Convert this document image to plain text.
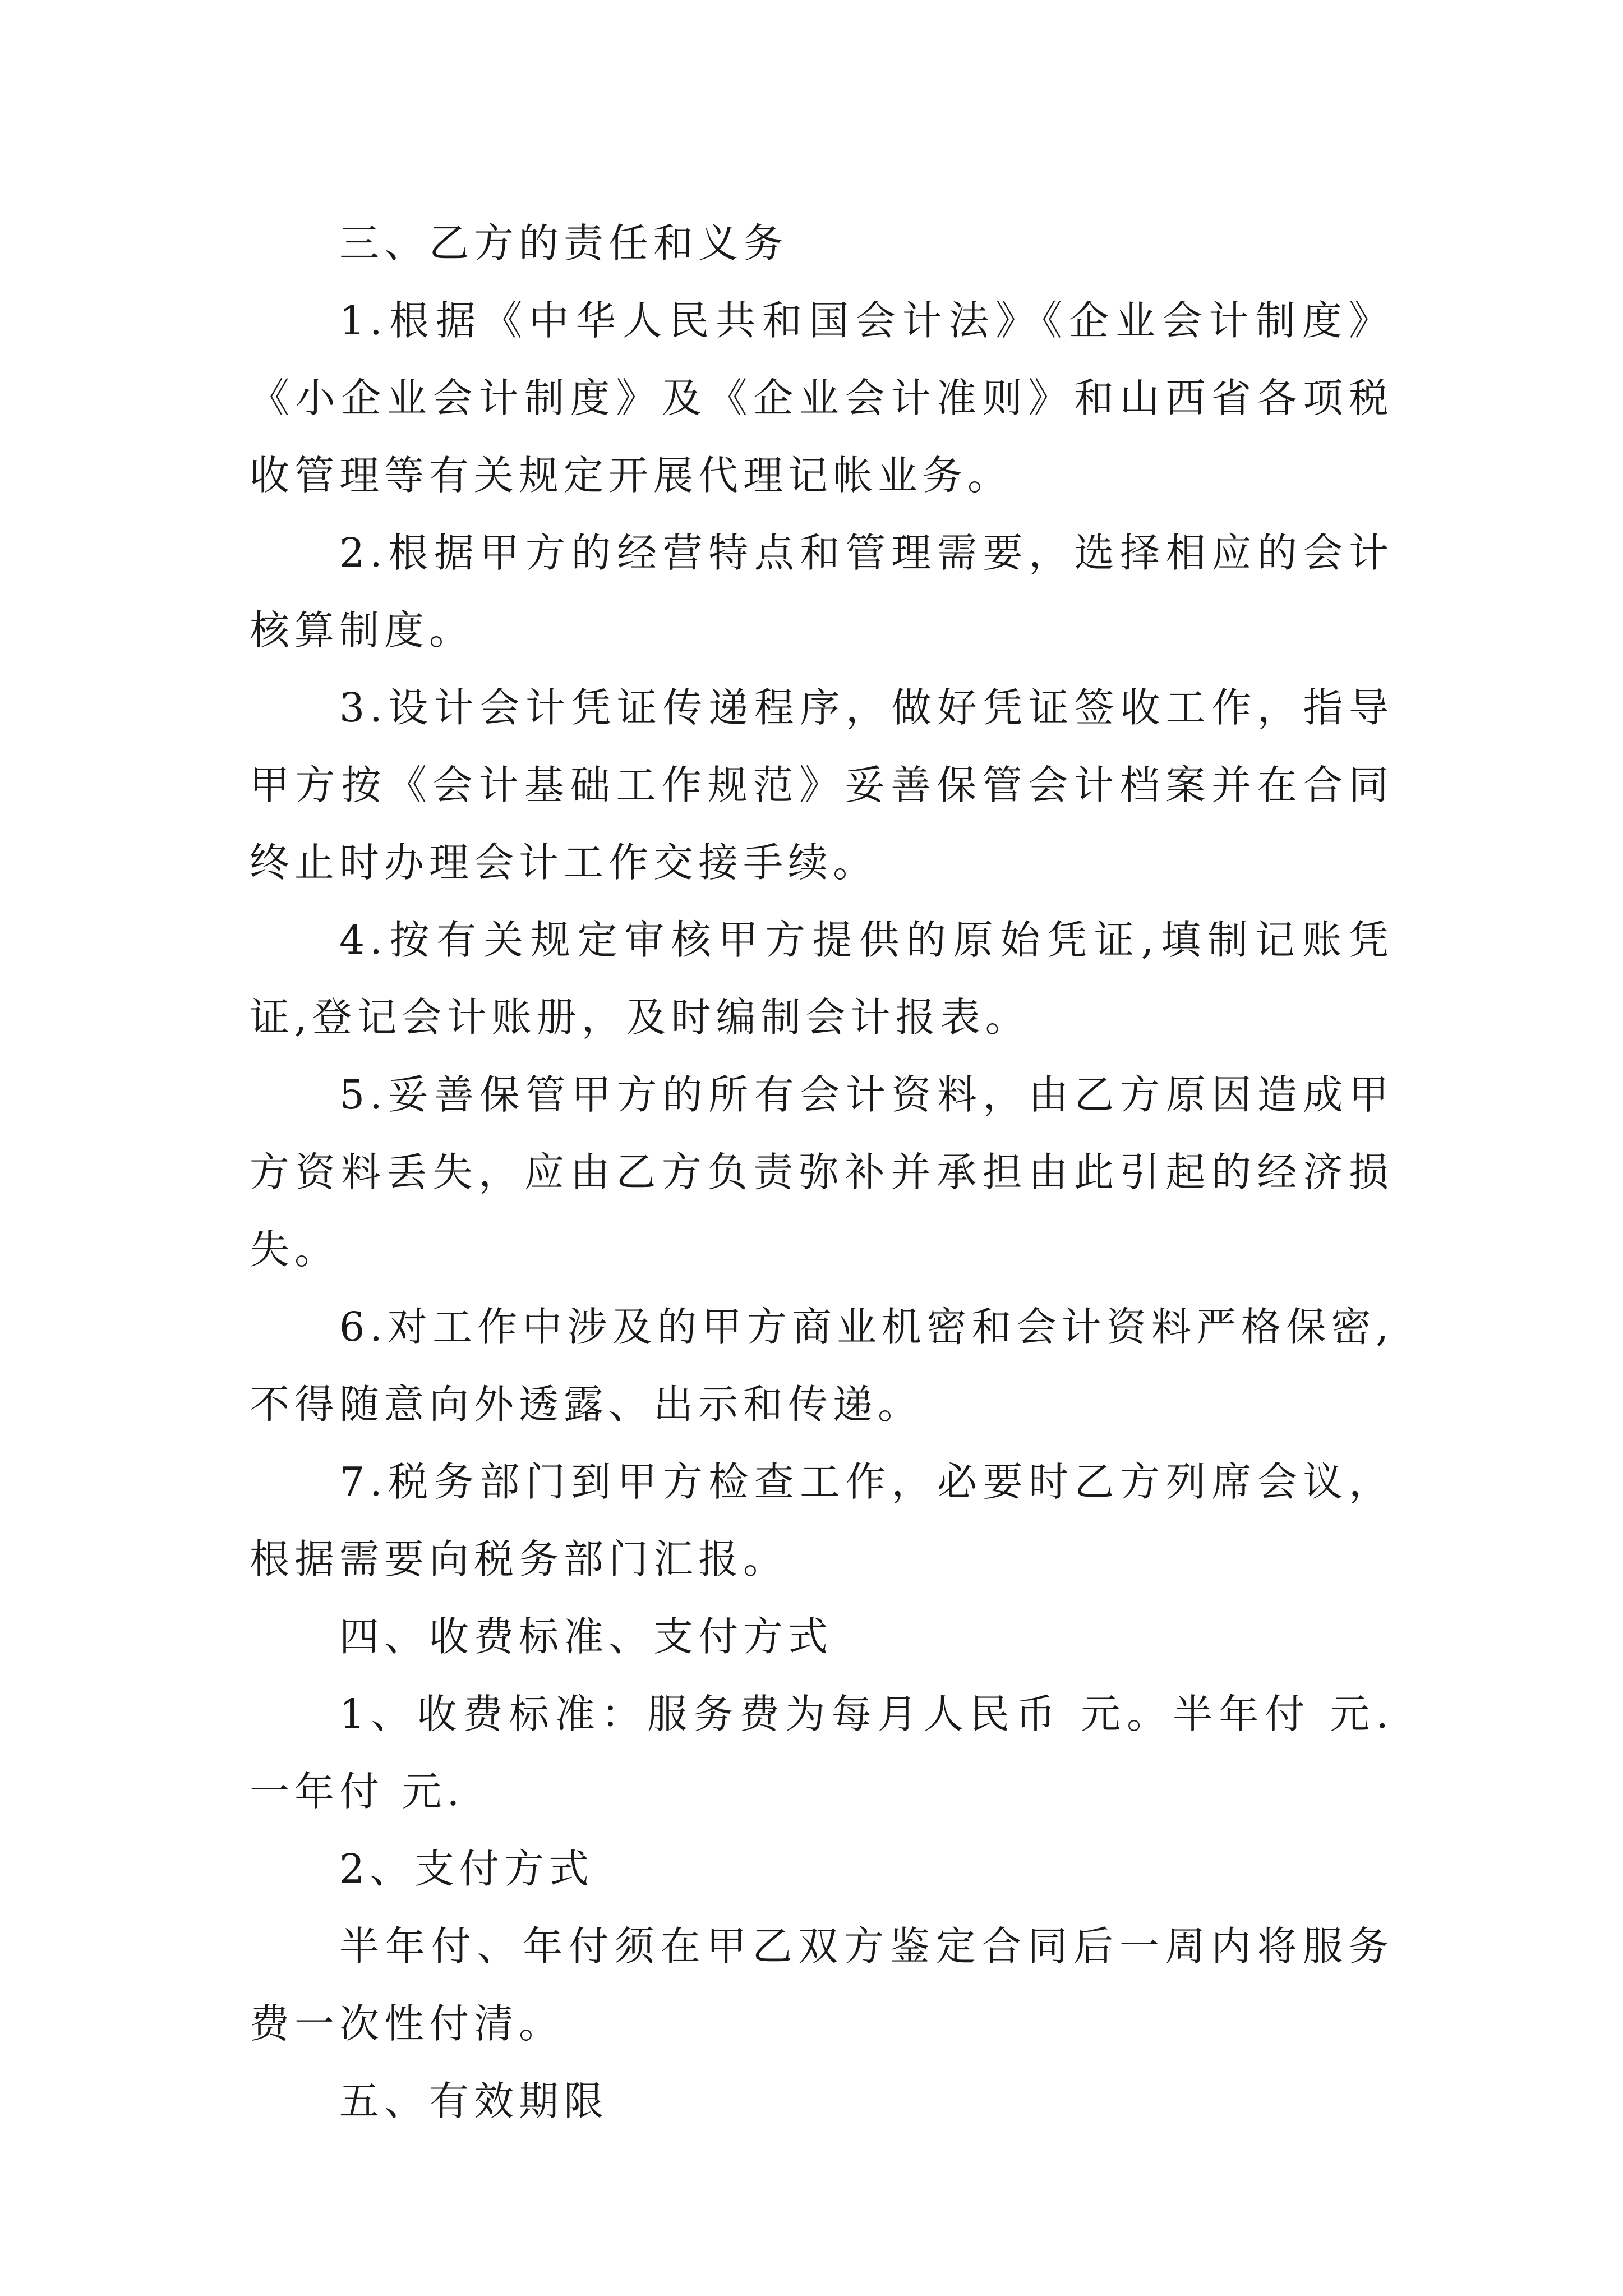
三、乙方的责任和义务

1.根据《中华人民共和国会计法》《企业会计制度》《小企业会计制度》及《企业会计准则》和山西省各项税收管理等有关规定开展代理记帐业务。

2.根据甲方的经营特点和管理需要，选择相应的会计核算制度。

3.设计会计凭证传递程序，做好凭证签收工作，指导甲方按《会计基础工作规范》妥善保管会计档案并在合同终止时办理会计工作交接手续。

4.按有关规定审核甲方提供的原始凭证,填制记账凭证,登记会计账册，及时编制会计报表。

5.妥善保管甲方的所有会计资料，由乙方原因造成甲方资料丢失，应由乙方负责弥补并承担由此引起的经济损失。

6.对工作中涉及的甲方商业机密和会计资料严格保密,不得随意向外透露、出示和传递。

7.税务部门到甲方检查工作，必要时乙方列席会议，根据需要向税务部门汇报。

四、收费标准、支付方式

1、收费标准：服务费为每月人民币 元。半年付 元.一年付 元.

2、支付方式

半年付、年付须在甲乙双方鉴定合同后一周内将服务费一次性付清。

五、有效期限
